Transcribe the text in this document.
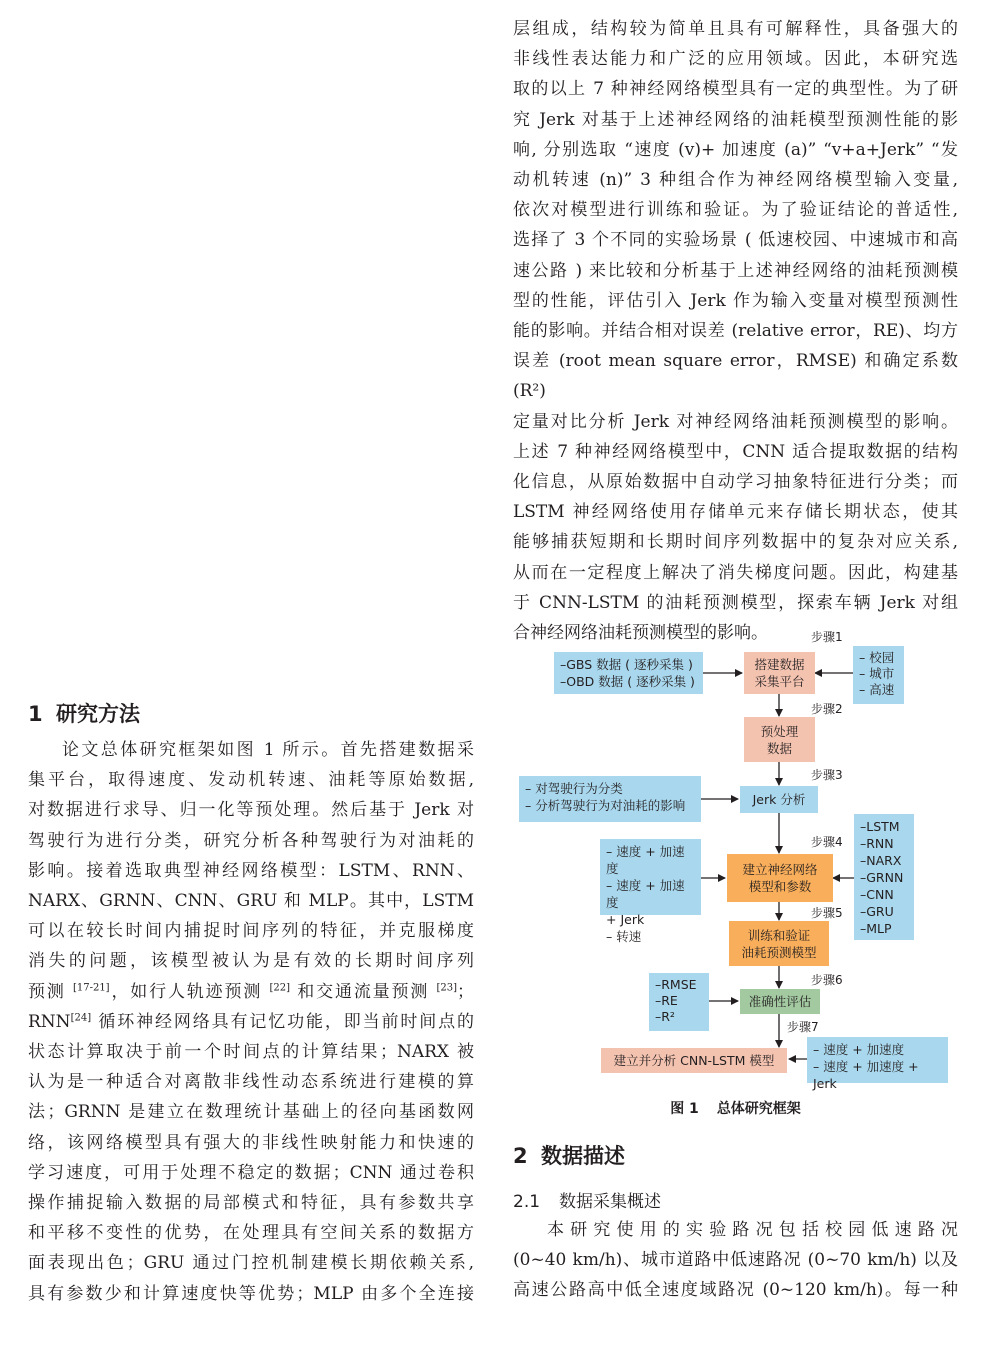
层组成，结构较为简单且具有可解释性，具备强大的

非线性表达能力和广泛的应用领域。因此，本研究选

取的以上 7 种神经网络模型具有一定的典型性。为了研

究 Jerk 对基于上述神经网络的油耗模型预测性能的影

响, 分别选取 “速度 (v)+ 加速度 (a)” “v+a+Jerk” “发

动机转速 (n)” 3 种组合作为神经网络模型输入变量,

依次对模型进行训练和验证。为了验证结论的普适性,

选择了 3 个不同的实验场景 ( 低速校园、中速城市和高

速公路 ) 来比较和分析基于上述神经网络的油耗预测模

型的性能，评估引入 Jerk 作为输入变量对模型预测性

能的影响。并结合相对误差 (relative error，RE)、均方

误差 (root mean square error，RMSE) 和确定系数 (R²)

定量对比分析 Jerk 对神经网络油耗预测模型的影响。

上述 7 种神经网络模型中，CNN 适合提取数据的结构

化信息，从原始数据中自动学习抽象特征进行分类；而

LSTM 神经网络使用存储单元来存储长期状态，使其

能够捕获短期和长期时间序列数据中的复杂对应关系,

从而在一定程度上解决了消失梯度问题。因此，构建基

于 CNN-LSTM 的油耗预测模型，探索车辆 Jerk 对组

合神经网络油耗预测模型的影响。

1 研究方法

论文总体研究框架如图 1 所示。首先搭建数据采

集平台，取得速度、发动机转速、油耗等原始数据,

对数据进行求导、归一化等预处理。然后基于 Jerk 对

驾驶行为进行分类，研究分析各种驾驶行为对油耗的

影响。接着选取典型神经网络模型：LSTM、RNN、

NARX、GRNN、CNN、GRU 和 MLP。其中，LSTM

可以在较长时间内捕捉时间序列的特征，并克服梯度

消失的问题，该模型被认为是有效的长期时间序列

预测 [17-21]，如行人轨迹预测 [22] 和交通流量预测 [23]；

RNN[24] 循环神经网络具有记忆功能，即当前时间点的

状态计算取决于前一个时间点的计算结果；NARX 被

认为是一种适合对离散非线性动态系统进行建模的算

法；GRNN 是建立在数理统计基础上的径向基函数网

络，该网络模型具有强大的非线性映射能力和快速的

学习速度，可用于处理不稳定的数据；CNN 通过卷积

操作捕捉输入数据的局部模式和特征，具有参数共享

和平移不变性的优势，在处理具有空间关系的数据方

面表现出色；GRU 通过门控机制建模长期依赖关系,

具有参数少和计算速度快等优势；MLP 由多个全连接

步骤1
步骤2
步骤3
步骤4
步骤5
步骤6
步骤7
–GBS 数据 ( 逐秒采集 )
–OBD 数据 ( 逐秒采集 )
搭建数据
采集平台
– 校园
– 城市
– 高速
预处理
数据
– 对驾驶行为分类
– 分析驾驶行为对油耗的影响	Jerk 分析
–LSTM
–RNN
–NARX
–GRNN
–CNN
–GRU
–MLP
– 速度 + 加速度
– 速度 + 加速度
+ Jerk
– 转速
建立神经网络
模型和参数
训练和验证
油耗预测模型
–RMSE
–RE
–R²
准确性评估
建立并分析 CNN-LSTM 模型
– 速度 + 加速度
– 速度 + 加速度 + Jerk
图 1 总体研究框架
2 数据描述
2.1 数据采集概述

本研究使用的实验路况包括校园低速路况

(0~40 km/h)、城市道路中低速路况 (0~70 km/h) 以及

高速公路高中低全速度域路况 (0~120 km/h)。每一种
